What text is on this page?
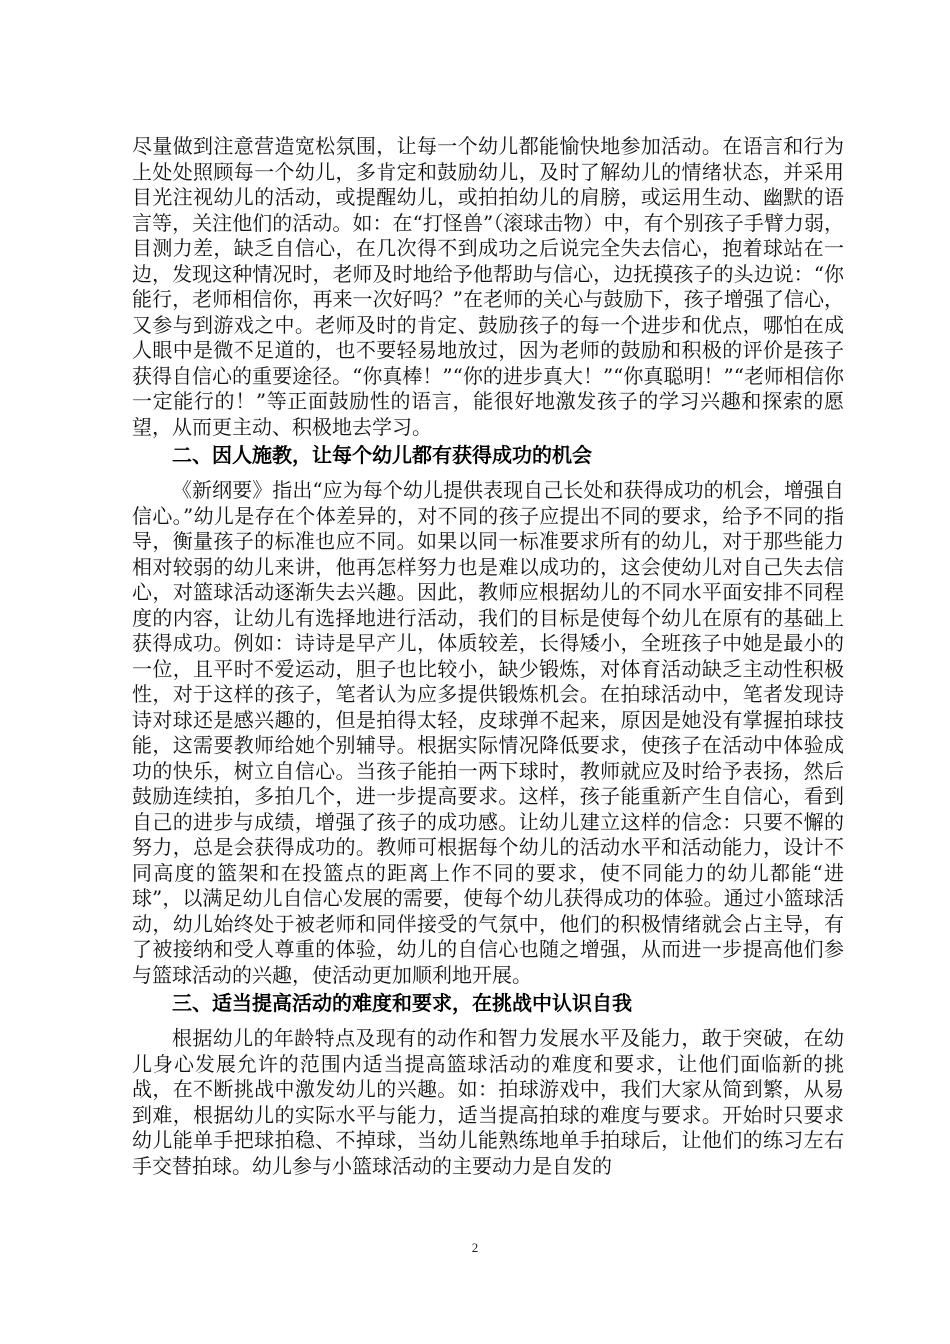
尽量做到注意营造宽松氛围，让每一个幼儿都能愉快地参加活动。在语言和行为上处处照顾每一个幼儿，多肯定和鼓励幼儿，及时了解幼儿的情绪状态，并采用目光注视幼儿的活动，或提醒幼儿，或拍拍幼儿的肩膀，或运用生动、幽默的语言等，关注他们的活动。如：在“打怪兽”（滚球击物）中，有个别孩子手臂力弱，目测力差，缺乏自信心，在几次得不到成功之后说完全失去信心，抱着球站在一边，发现这种情况时，老师及时地给予他帮助与信心，边抚摸孩子的头边说：“你能行，老师相信你，再来一次好吗？”在老师的关心与鼓励下，孩子增强了信心，又参与到游戏之中。老师及时的肯定、鼓励孩子的每一个进步和优点，哪怕在成人眼中是微不足道的，也不要轻易地放过，因为老师的鼓励和积极的评价是孩子获得自信心的重要途径。“你真棒！”“你的进步真大！”“你真聪明！”“老师相信你一定能行的！”等正面鼓励性的语言，能很好地激发孩子的学习兴趣和探索的愿望，从而更主动、积极地去学习。

二、因人施教，让每个幼儿都有获得成功的机会

《新纲要》指出“应为每个幼儿提供表现自己长处和获得成功的机会，增强自信心。”幼儿是存在个体差异的，对不同的孩子应提出不同的要求，给予不同的指导，衡量孩子的标准也应不同。如果以同一标准要求所有的幼儿，对于那些能力相对较弱的幼儿来讲，他再怎样努力也是难以成功的，这会使幼儿对自己失去信心，对篮球活动逐渐失去兴趣。因此，教师应根据幼儿的不同水平面安排不同程度的内容，让幼儿有选择地进行活动，我们的目标是使每个幼儿在原有的基础上获得成功。例如：诗诗是早产儿，体质较差，长得矮小，全班孩子中她是最小的一位，且平时不爱运动，胆子也比较小，缺少锻炼，对体育活动缺乏主动性积极性，对于这样的孩子，笔者认为应多提供锻炼机会。在拍球活动中，笔者发现诗诗对球还是感兴趣的，但是拍得太轻，皮球弹不起来，原因是她没有掌握拍球技能，这需要教师给她个别辅导。根据实际情况降低要求，使孩子在活动中体验成功的快乐，树立自信心。当孩子能拍一两下球时，教师就应及时给予表扬，然后鼓励连续拍，多拍几个，进一步提高要求。这样，孩子能重新产生自信心，看到自己的进步与成绩，增强了孩子的成功感。让幼儿建立这样的信念：只要不懈的努力，总是会获得成功的。教师可根据每个幼儿的活动水平和活动能力，设计不同高度的篮架和在投篮点的距离上作不同的要求，使不同能力的幼儿都能“进球”，以满足幼儿自信心发展的需要，使每个幼儿获得成功的体验。通过小篮球活动，幼儿始终处于被老师和同伴接受的气氛中，他们的积极情绪就会占主导，有了被接纳和受人尊重的体验，幼儿的自信心也随之增强，从而进一步提高他们参与篮球活动的兴趣，使活动更加顺利地开展。

三、适当提高活动的难度和要求，在挑战中认识自我

根据幼儿的年龄特点及现有的动作和智力发展水平及能力，敢于突破，在幼儿身心发展允许的范围内适当提高篮球活动的难度和要求，让他们面临新的挑战，在不断挑战中激发幼儿的兴趣。如：拍球游戏中，我们大家从简到繁，从易到难，根据幼儿的实际水平与能力，适当提高拍球的难度与要求。开始时只要求幼儿能单手把球拍稳、不掉球，当幼儿能熟练地单手拍球后，让他们的练习左右手交替拍球。幼儿参与小篮球活动的主要动力是自发的

2
